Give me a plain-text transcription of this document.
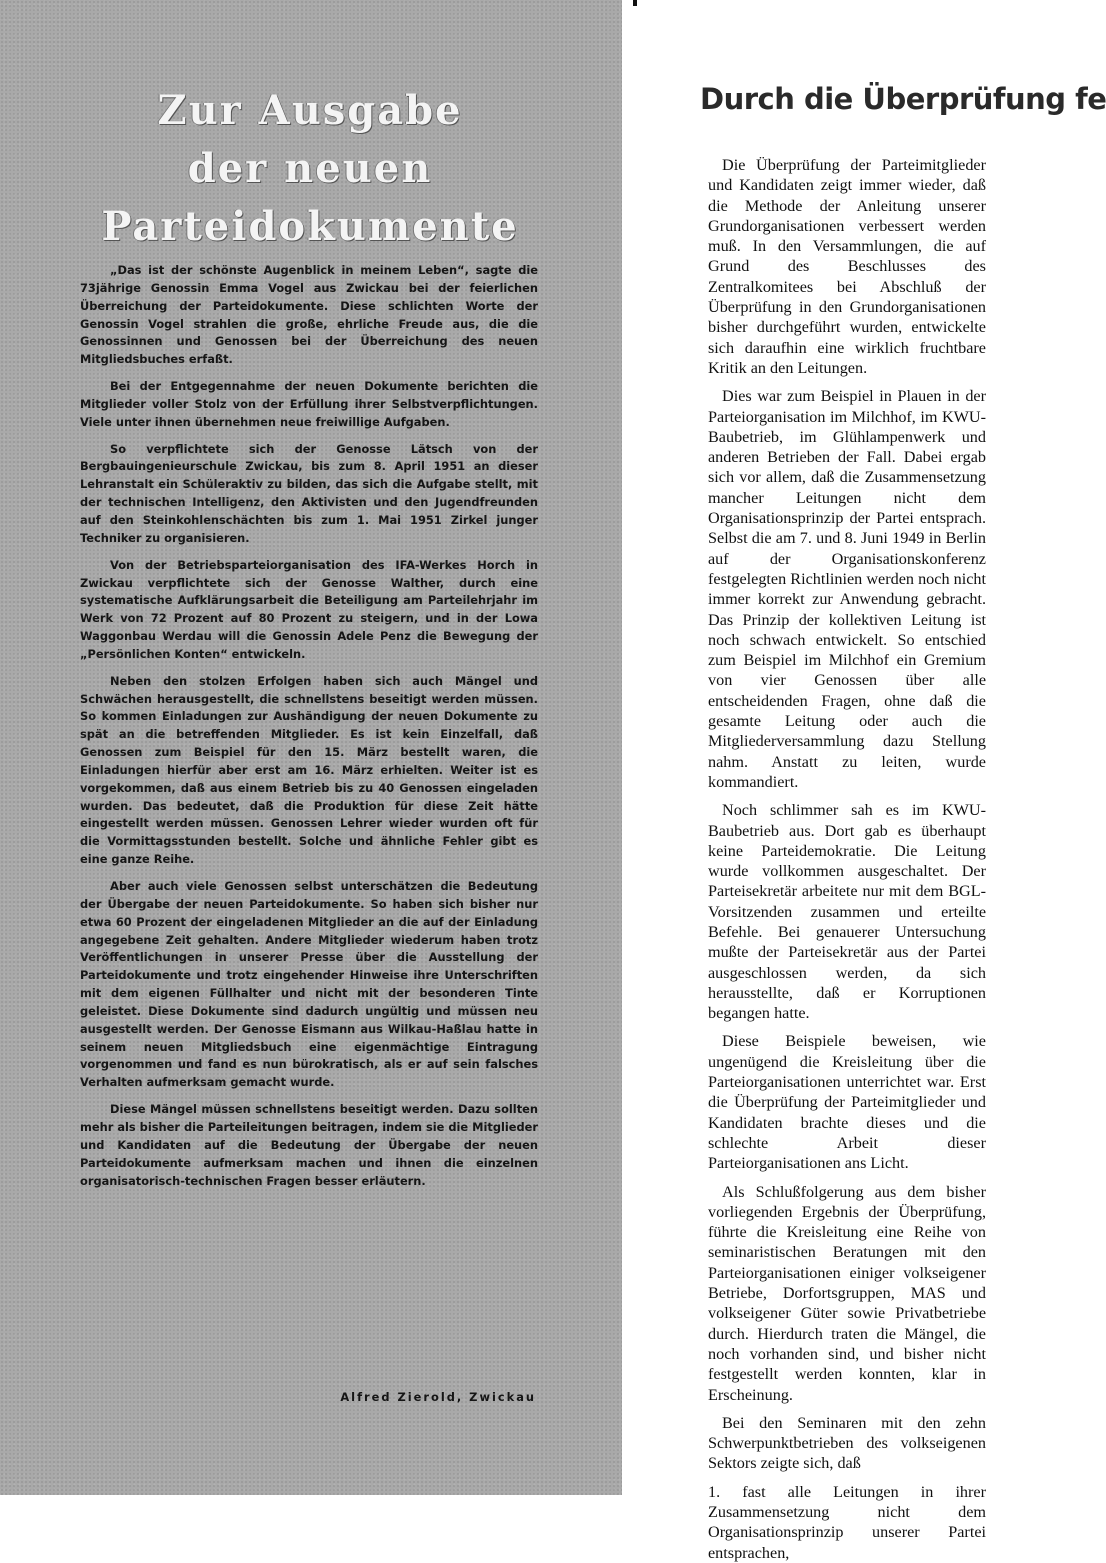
Zur Ausgabe
der neuen
Parteidokumente

„Das ist der schönste Augenblick in meinem Leben“, sagte die 73jährige Genossin Emma Vogel aus Zwickau bei der feierlichen Überreichung der Parteidokumente. Diese schlichten Worte der Genossin Vogel strahlen die große, ehrliche Freude aus, die die Genossinnen und Genossen bei der Überreichung des neuen Mitgliedsbuches erfaßt.

Bei der Entgegennahme der neuen Dokumente berichten die Mitglieder voller Stolz von der Erfüllung ihrer Selbstverpflichtungen. Viele unter ihnen übernehmen neue freiwillige Aufgaben.

So verpflichtete sich der Genosse Lätsch von der Bergbauingenieurschule Zwickau, bis zum 8. April 1951 an dieser Lehranstalt ein Schüleraktiv zu bilden, das sich die Aufgabe stellt, mit der technischen Intelligenz, den Aktivisten und den Jugendfreunden auf den Steinkohlenschächten bis zum 1. Mai 1951 Zirkel junger Techniker zu organisieren.

Von der Betriebsparteiorganisation des IFA-Werkes Horch in Zwickau verpflichtete sich der Genosse Walther, durch eine systematische Aufklärungsarbeit die Beteiligung am Parteilehrjahr im Werk von 72 Prozent auf 80 Prozent zu steigern, und in der Lowa Waggonbau Werdau will die Genossin Adele Penz die Bewegung der „Persönlichen Konten“ entwickeln.

Neben den stolzen Erfolgen haben sich auch Mängel und Schwächen herausgestellt, die schnellstens beseitigt werden müssen. So kommen Einladungen zur Aushändigung der neuen Dokumente zu spät an die betreffenden Mitglieder. Es ist kein Einzelfall, daß Genossen zum Beispiel für den 15. März bestellt waren, die Einladungen hierfür aber erst am 16. März erhielten. Weiter ist es vorgekommen, daß aus einem Betrieb bis zu 40 Genossen eingeladen wurden. Das bedeutet, daß die Produktion für diese Zeit hätte eingestellt werden müssen. Genossen Lehrer wieder wurden oft für die Vormittagsstunden bestellt. Solche und ähnliche Fehler gibt es eine ganze Reihe.

Aber auch viele Genossen selbst unterschätzen die Bedeutung der Übergabe der neuen Parteidokumente. So haben sich bisher nur etwa 60 Prozent der eingeladenen Mitglieder an die auf der Einladung angegebene Zeit gehalten. Andere Mitglieder wiederum haben trotz Veröffentlichungen in unserer Presse über die Ausstellung der Parteidokumente und trotz eingehender Hinweise ihre Unterschriften mit dem eigenen Füllhalter und nicht mit der besonderen Tinte geleistet. Diese Dokumente sind dadurch ungültig und müssen neu ausgestellt werden. Der Genosse Eismann aus Wilkau-Haßlau hatte in seinem neuen Mitgliedsbuch eine eigenmächtige Eintragung vorgenommen und fand es nun bürokratisch, als er auf sein falsches Verhalten aufmerksam gemacht wurde.

Diese Mängel müssen schnellstens beseitigt werden. Dazu sollten mehr als bisher die Parteileitungen beitragen, indem sie die Mitglieder und Kandidaten auf die Bedeutung der Übergabe der neuen Parteidokumente aufmerksam machen und ihnen die einzelnen organisatorisch-technischen Fragen besser erläutern.

Alfred Zierold, Zwickau
Durch die Überprüfung fe

Die Überprüfung der Parteimitglieder und Kandidaten zeigt immer wieder, daß die Methode der Anleitung unserer Grundorganisationen verbessert werden muß. In den Versammlungen, die auf Grund des Beschlusses des Zentralkomitees bei Abschluß der Überprüfung in den Grundorganisationen bisher durchgeführt wurden, entwickelte sich daraufhin eine wirklich fruchtbare Kritik an den Leitungen.

Dies war zum Beispiel in Plauen in der Parteiorganisation im Milchhof, im KWU-Baubetrieb, im Glühlampenwerk und anderen Betrieben der Fall. Dabei ergab sich vor allem, daß die Zusammensetzung mancher Leitungen nicht dem Organisationsprinzip der Partei entsprach. Selbst die am 7. und 8. Juni 1949 in Berlin auf der Organisationskonferenz festgelegten Richtlinien werden noch nicht immer korrekt zur Anwendung gebracht. Das Prinzip der kollektiven Leitung ist noch schwach entwickelt. So entschied zum Beispiel im Milchhof ein Gremium von vier Genossen über alle entscheidenden Fragen, ohne daß die gesamte Leitung oder auch die Mitgliederversammlung dazu Stellung nahm. Anstatt zu leiten, wurde kommandiert.

Noch schlimmer sah es im KWU-Baubetrieb aus. Dort gab es überhaupt keine Parteidemokratie. Die Leitung wurde vollkommen ausgeschaltet. Der Parteisekretär arbeitete nur mit dem BGL-Vorsitzenden zusammen und erteilte Befehle. Bei genauerer Untersuchung mußte der Parteisekretär aus der Partei ausgeschlossen werden, da sich herausstellte, daß er Korruptionen begangen hatte.

Diese Beispiele beweisen, wie ungenügend die Kreisleitung über die Parteiorganisationen unterrichtet war. Erst die Überprüfung der Parteimitglieder und Kandidaten brachte dieses und die schlechte Arbeit dieser Parteiorganisationen ans Licht.

Als Schlußfolgerung aus dem bisher vorliegenden Ergebnis der Überprüfung, führte die Kreisleitung eine Reihe von seminaristischen Beratungen mit den Parteiorganisationen einiger volkseigener Betriebe, Dorfortsgruppen, MAS und volkseigener Güter sowie Privatbetriebe durch. Hierdurch traten die Mängel, die noch vorhanden sind, und bisher nicht festgestellt werden konnten, klar in Erscheinung.

Bei den Seminaren mit den zehn Schwerpunktbetrieben des volkseigenen Sektors zeigte sich, daß

1. fast alle Leitungen in ihrer Zusammensetzung nicht dem Organisationsprinzip unserer Partei entsprachen,
